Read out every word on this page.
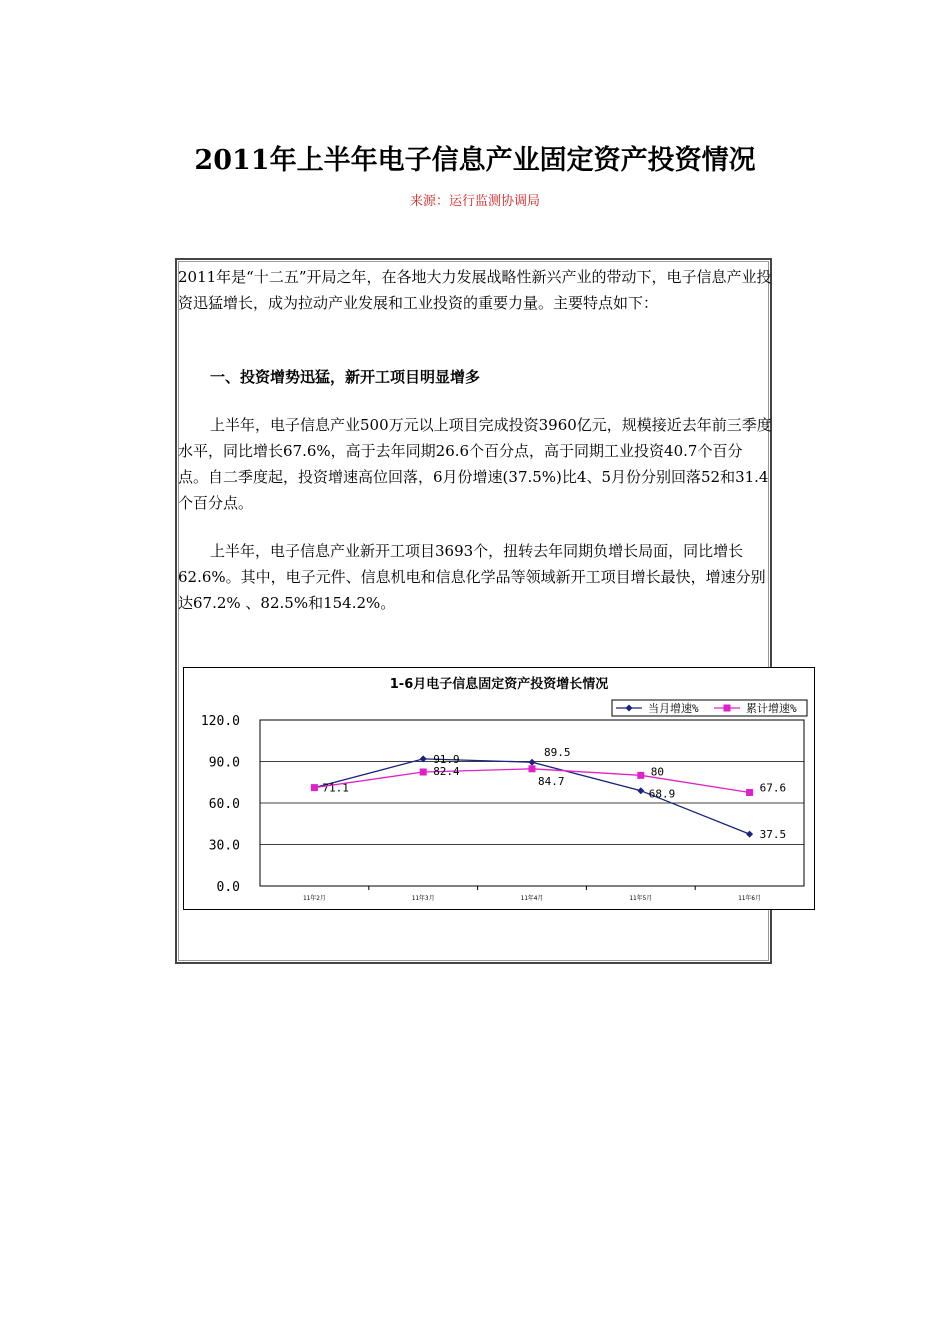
2011年上半年电子信息产业固定资产投资情况
来源：运行监测协调局
2011年是“十二五”开局之年，在各地大力发展战略性新兴产业的带动下，电子信息产业投资迅猛增长，成为拉动产业发展和工业投资的重要力量。主要特点如下：
一、投资增势迅猛，新开工项目明显增多
上半年，电子信息产业500万元以上项目完成投资3960亿元，规模接近去年前三季度水平，同比增长67.6%，高于去年同期26.6个百分点，高于同期工业投资40.7个百分点。自二季度起，投资增速高位回落，6月份增速(37.5%)比4、5月份分别回落52和31.4个百分点。
上半年，电子信息产业新开工项目3693个，扭转去年同期负增长局面，同比增长62.6%。其中，电子元件、信息机电和信息化学品等领域新开工项目增长最快，增速分别达67.2% 、82.5%和154.2%。
1-6月电子信息固定资产投资增长情况
当月增速%	累计增速%
120.0
90.0
60.0
30.0
0.0
11年2月	11年3月	11年4月	11年5月	11年6月
71.1
91.9
89.5
68.9
37.5
82.4
84.7
80
67.6
